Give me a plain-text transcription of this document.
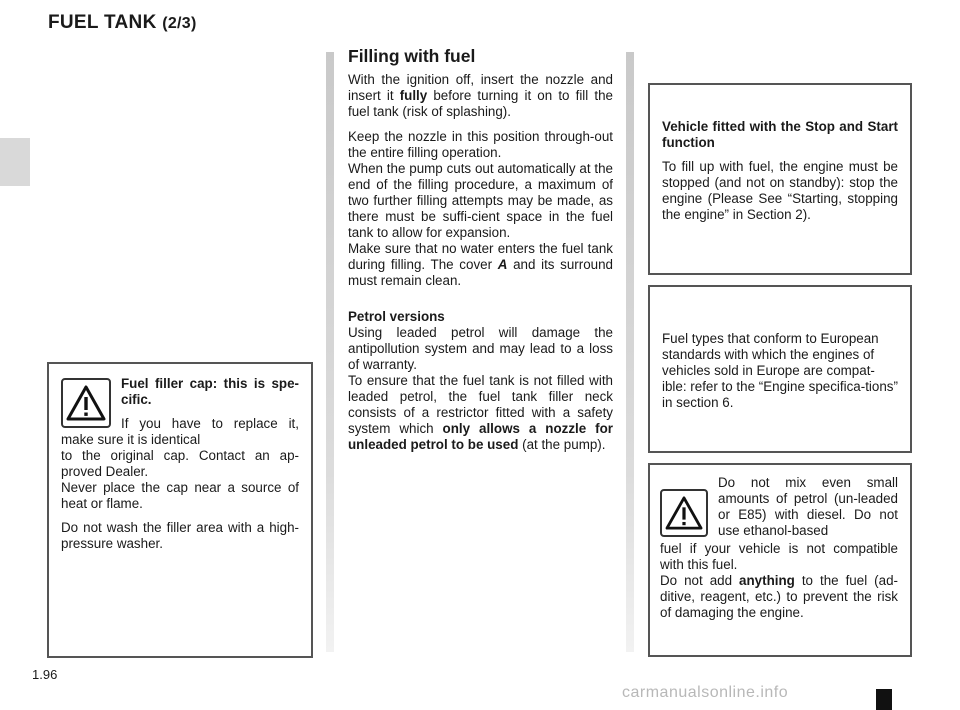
FUEL TANK (2/3)
Filling with fuel

With the ignition off, insert the nozzle and insert it fully before turning it on to fill the fuel tank (risk of splashing).

Keep the nozzle in this position through-out the entire filling operation.

When the pump cuts out automatically at the end of the filling procedure, a maximum of two further filling attempts may be made, as there must be suffi-cient space in the fuel tank to allow for expansion.

Make sure that no water enters the fuel tank during filling. The cover A and its surround must remain clean.

Petrol versions

Using leaded petrol will damage the antipollution system and may lead to a loss of warranty.

To ensure that the fuel tank is not filled with leaded petrol, the fuel tank filler neck consists of a restrictor fitted with a safety system which only allows a nozzle for unleaded petrol to be used (at the pump).

Fuel filler cap: this is spe-cific.

If you have to replace it, make sure it is identical

to the original cap. Contact an ap-proved Dealer.

Never place the cap near a source of heat or flame.

Do not wash the filler area with a high-pressure washer.

Vehicle fitted with the Stop and Start function

To fill up with fuel, the engine must be stopped (and not on standby): stop the engine (Please See “Starting, stopping the engine” in Section 2).

Fuel types that conform to European standards with which the engines of vehicles sold in Europe are compat-ible: refer to the “Engine specifica-tions” in section 6.

Do not mix even small amounts of petrol (un-leaded or E85) with diesel. Do not use ethanol-based

fuel if your vehicle is not compatible with this fuel.

Do not add anything to the fuel (ad-ditive, reagent, etc.) to prevent the risk of damaging the engine.

1.96
carmanualsonline.info
